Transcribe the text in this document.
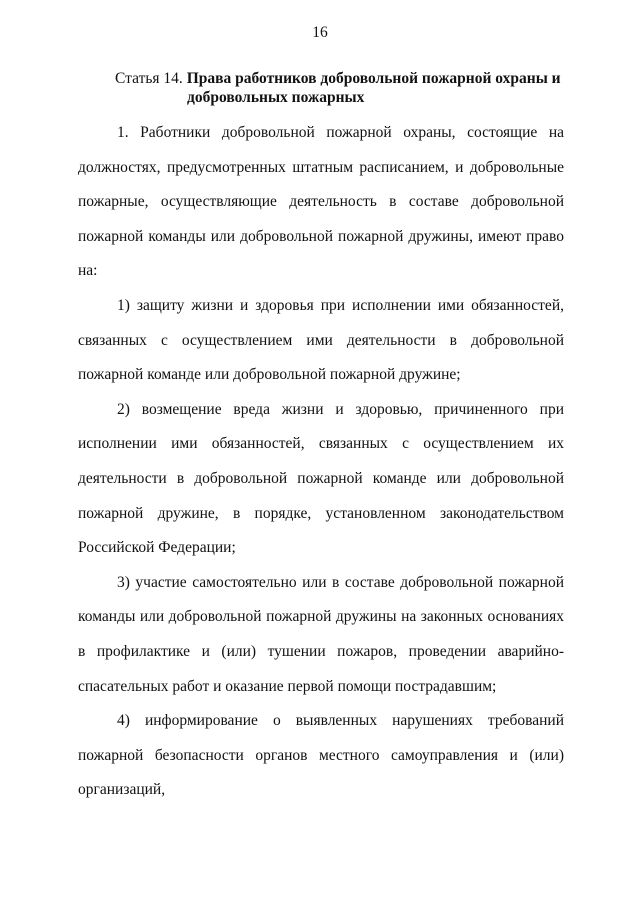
16
Статья 14. Права работников добровольной пожарной охраны и
добровольных пожарных

1. Работники добровольной пожарной охраны, состоящие на должностях, предусмотренных штатным расписанием, и добровольные пожарные, осуществляющие деятельность в составе добровольной пожарной команды или добровольной пожарной дружины, имеют право на:

1) защиту жизни и здоровья при исполнении ими обязанностей, связанных с осуществлением ими деятельности в добровольной пожарной команде или добровольной пожарной дружине;

2) возмещение вреда жизни и здоровью, причиненного при исполнении ими обязанностей, связанных с осуществлением их деятельности в добровольной пожарной команде или добровольной пожарной дружине, в порядке, установленном законодательством Российской Федерации;

3) участие самостоятельно или в составе добровольной пожарной команды или добровольной пожарной дружины на законных основаниях в профилактике и (или) тушении пожаров, проведении аварийно-спасательных работ и оказание первой помощи пострадавшим;

4) информирование о выявленных нарушениях требований пожарной безопасности органов местного самоуправления и (или) организаций,
